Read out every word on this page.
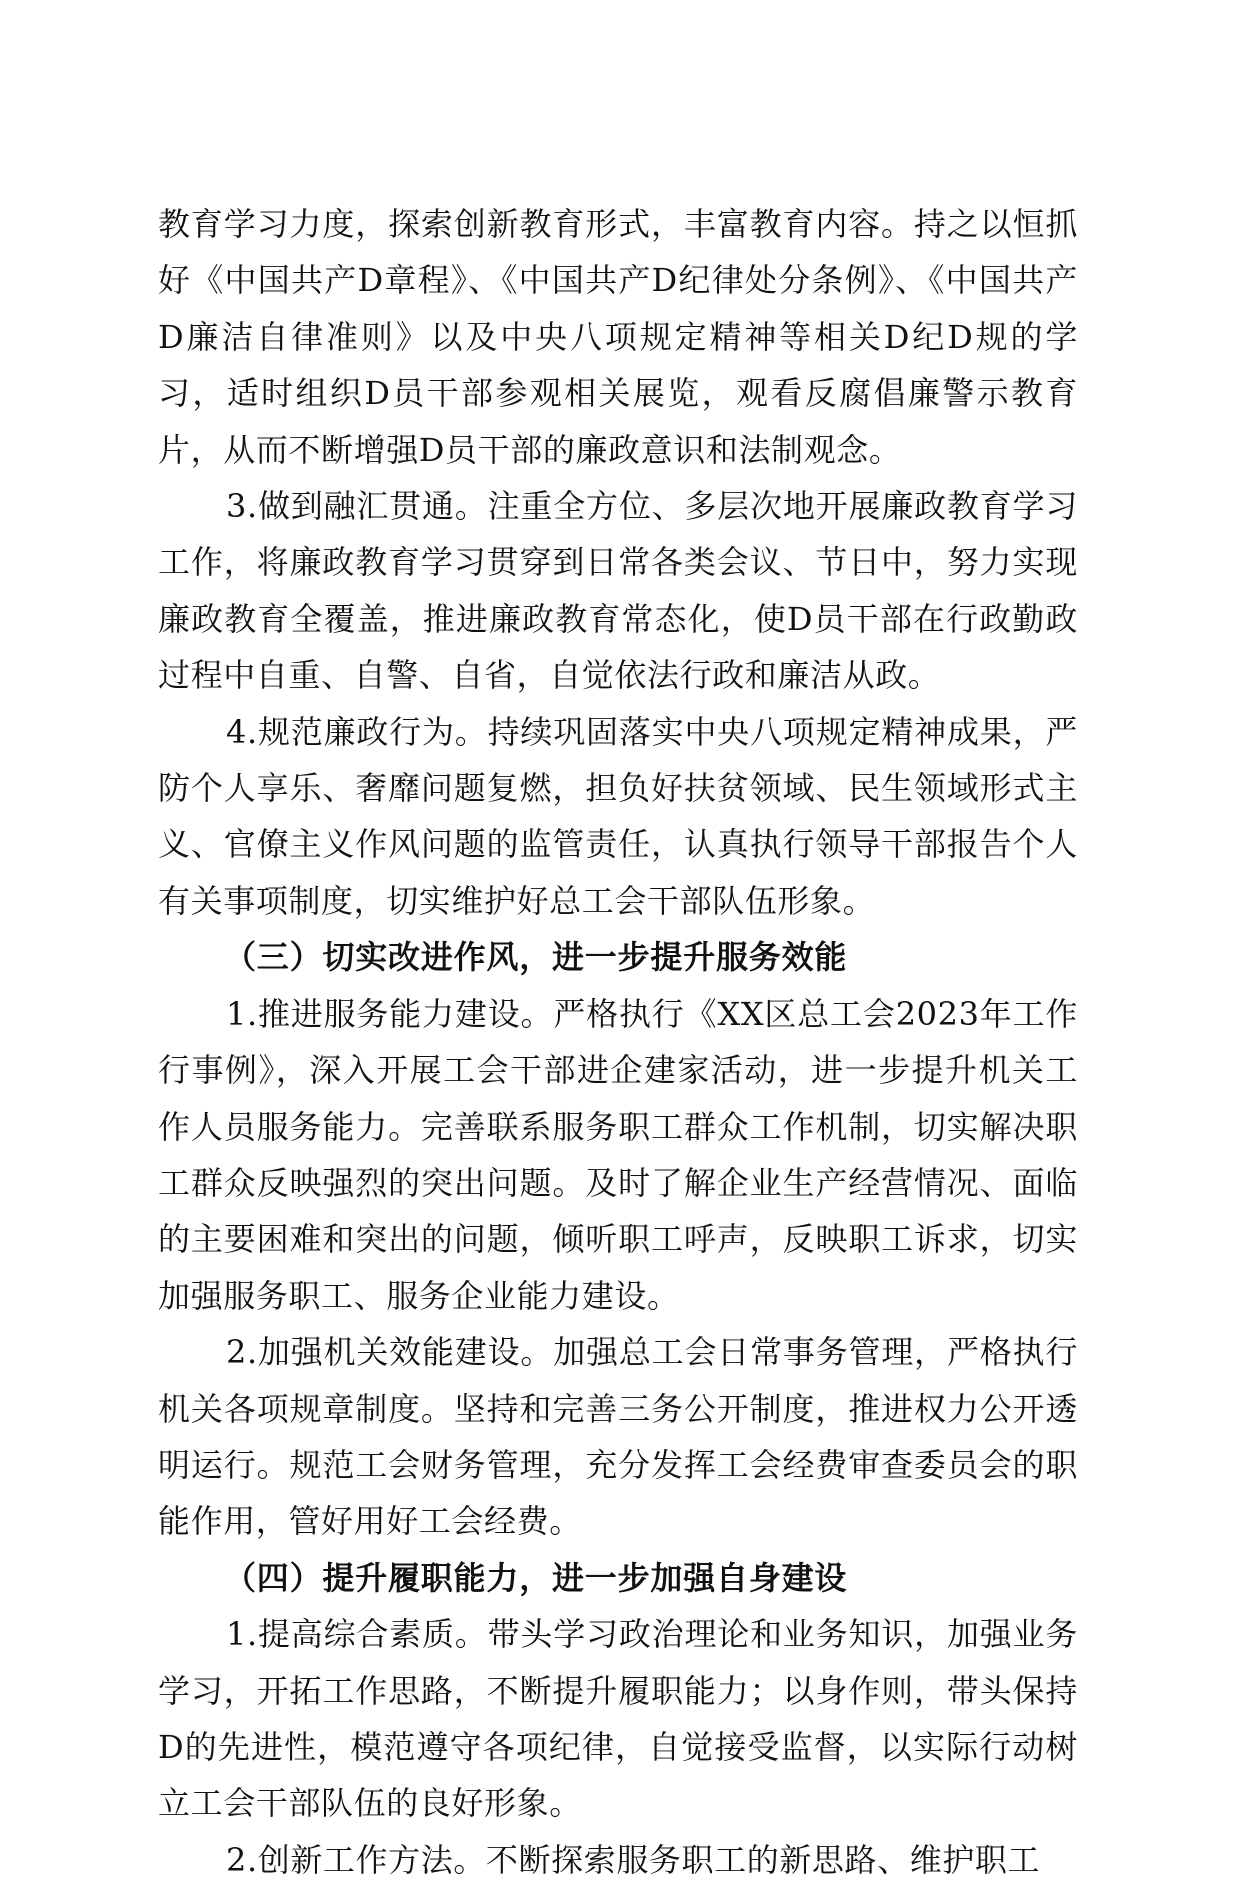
教育学习力度，探索创新教育形式，丰富教育内容。持之以恒抓好《中国共产D章程》、《中国共产D纪律处分条例》、《中国共产D廉洁自律准则》以及中央八项规定精神等相关D纪D规的学习，适时组织D员干部参观相关展览，观看反腐倡廉警示教育片，从而不断增强D员干部的廉政意识和法制观念。

3.做到融汇贯通。注重全方位、多层次地开展廉政教育学习工作，将廉政教育学习贯穿到日常各类会议、节日中，努力实现廉政教育全覆盖，推进廉政教育常态化，使D员干部在行政勤政过程中自重、自警、自省，自觉依法行政和廉洁从政。

4.规范廉政行为。持续巩固落实中央八项规定精神成果，严防个人享乐、奢靡问题复燃，担负好扶贫领域、民生领域形式主义、官僚主义作风问题的监管责任，认真执行领导干部报告个人有关事项制度，切实维护好总工会干部队伍形象。

（三）切实改进作风，进一步提升服务效能

1.推进服务能力建设。严格执行《XX区总工会2023年工作行事例》，深入开展工会干部进企建家活动，进一步提升机关工作人员服务能力。完善联系服务职工群众工作机制，切实解决职工群众反映强烈的突出问题。及时了解企业生产经营情况、面临的主要困难和突出的问题，倾听职工呼声，反映职工诉求，切实加强服务职工、服务企业能力建设。

2.加强机关效能建设。加强总工会日常事务管理，严格执行机关各项规章制度。坚持和完善三务公开制度，推进权力公开透明运行。规范工会财务管理，充分发挥工会经费审查委员会的职能作用，管好用好工会经费。

（四）提升履职能力，进一步加强自身建设

1.提高综合素质。带头学习政治理论和业务知识，加强业务学习，开拓工作思路，不断提升履职能力；以身作则，带头保持D的先进性，模范遵守各项纪律，自觉接受监督，以实际行动树立工会干部队伍的良好形象。

2.创新工作方法。不断探索服务职工的新思路、维护职工
